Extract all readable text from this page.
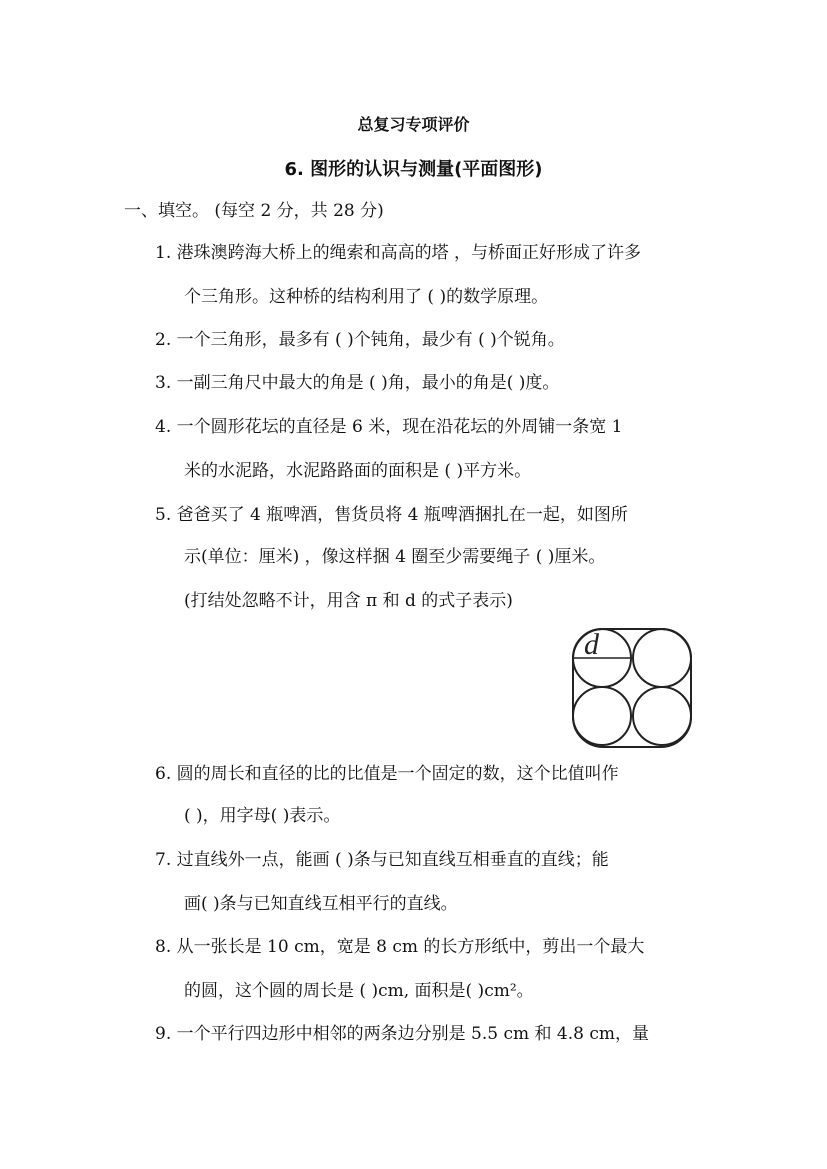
总复习专项评价
6. 图形的认识与测量(平面图形)
一、填空。 (每空 2 分，共 28 分)
1. 港珠澳跨海大桥上的绳索和高高的塔 ，与桥面正好形成了许多
个三角形。这种桥的结构利用了 ( )的数学原理。
2. 一个三角形，最多有 ( )个钝角，最少有 ( )个锐角。
3. 一副三角尺中最大的角是 ( )角，最小的角是( )度。
4. 一个圆形花坛的直径是 6 米，现在沿花坛的外周铺一条宽 1
米的水泥路，水泥路路面的面积是 ( )平方米。
5. 爸爸买了 4 瓶啤酒，售货员将 4 瓶啤酒捆扎在一起，如图所
示(单位：厘米) ，像这样捆 4 圈至少需要绳子 ( )厘米。
(打结处忽略不计，用含 π 和 d 的式子表示)
d
6. 圆的周长和直径的比的比值是一个固定的数，这个比值叫作
( )，用字母( )表示。
7. 过直线外一点，能画 ( )条与已知直线互相垂直的直线；能
画( )条与已知直线互相平行的直线。
8. 从一张长是 10 cm，宽是 8 cm 的长方形纸中，剪出一个最大
的圆，这个圆的周长是 ( )cm, 面积是( )cm²。
9. 一个平行四边形中相邻的两条边分别是 5.5 cm 和 4.8 cm，量
